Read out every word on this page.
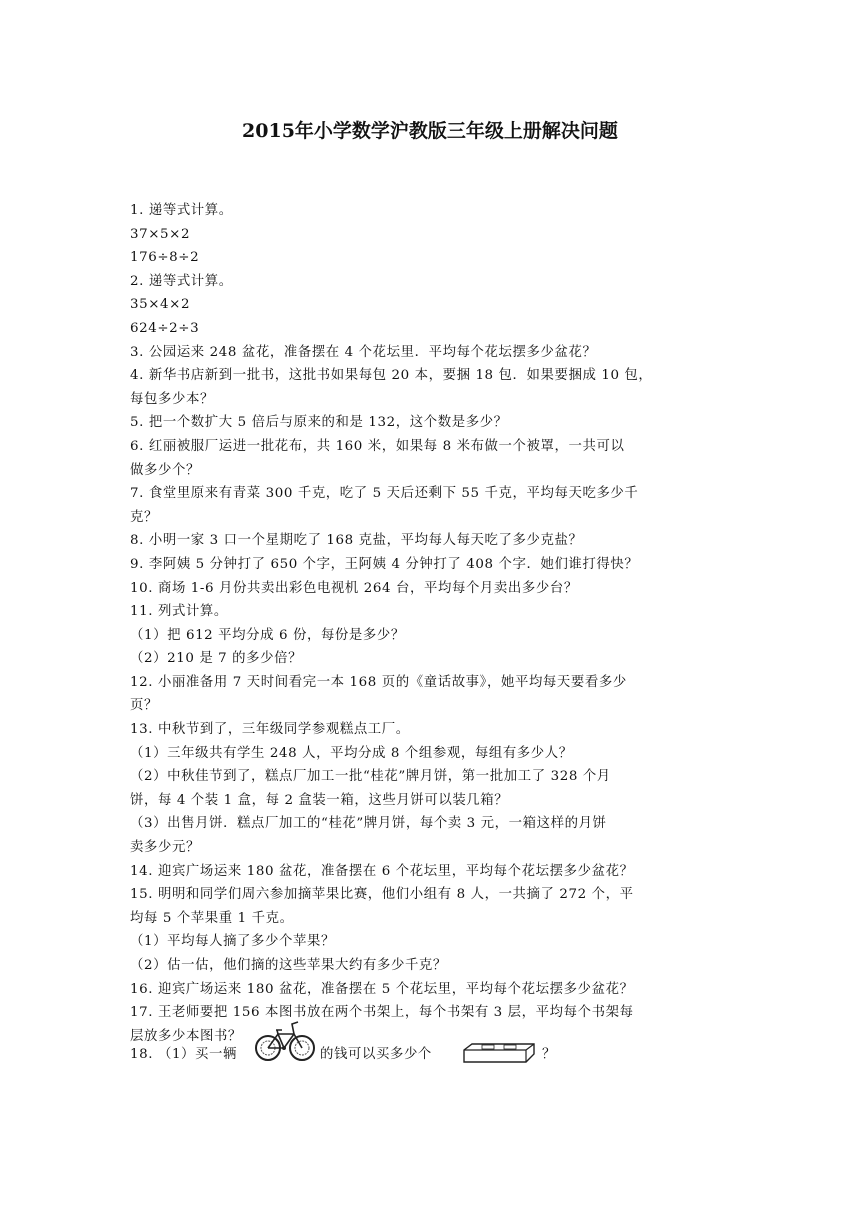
2015年小学数学沪教版三年级上册解决问题
1. 递等式计算。
37×5×2
176÷8÷2
2. 递等式计算。
35×4×2
624÷2÷3
3. 公园运来 248 盆花，准备摆在 4 个花坛里．平均每个花坛摆多少盆花？
4. 新华书店新到一批书，这批书如果每包 20 本，要捆 18 包．如果要捆成 10 包，
每包多少本？
5. 把一个数扩大 5 倍后与原来的和是 132，这个数是多少？
6. 红丽被服厂运进一批花布，共 160 米，如果每 8 米布做一个被罩，一共可以
做多少个？
7. 食堂里原来有青菜 300 千克，吃了 5 天后还剩下 55 千克，平均每天吃多少千
克？
8. 小明一家 3 口一个星期吃了 168 克盐，平均每人每天吃了多少克盐？
9. 李阿姨 5 分钟打了 650 个字，王阿姨 4 分钟打了 408 个字．她们谁打得快？
10. 商场 1-6 月份共卖出彩色电视机 264 台，平均每个月卖出多少台？
11. 列式计算。
（1）把 612 平均分成 6 份，每份是多少？
（2）210 是 7 的多少倍？
12. 小丽准备用 7 天时间看完一本 168 页的《童话故事》，她平均每天要看多少
页？
13. 中秋节到了，三年级同学参观糕点工厂。
（1）三年级共有学生 248 人，平均分成 8 个组参观，每组有多少人？
（2）中秋佳节到了，糕点厂加工一批“桂花”牌月饼，第一批加工了 328 个月
饼，每 4 个装 1 盒，每 2 盒装一箱，这些月饼可以装几箱？
（3）出售月饼．糕点厂加工的“桂花”牌月饼，每个卖 3 元，一箱这样的月饼
卖多少元？
14. 迎宾广场运来 180 盆花，准备摆在 6 个花坛里，平均每个花坛摆多少盆花？
15. 明明和同学们周六参加摘苹果比赛，他们小组有 8 人，一共摘了 272 个，平
均每 5 个苹果重 1 千克。
（1）平均每人摘了多少个苹果？
（2）估一估，他们摘的这些苹果大约有多少千克？
16. 迎宾广场运来 180 盆花，准备摆在 5 个花坛里，平均每个花坛摆多少盆花？
17. 王老师要把 156 本图书放在两个书架上，每个书架有 3 层，平均每个书架每
层放多少本图书？
18. （1）买一辆	的钱可以买多少个	？
